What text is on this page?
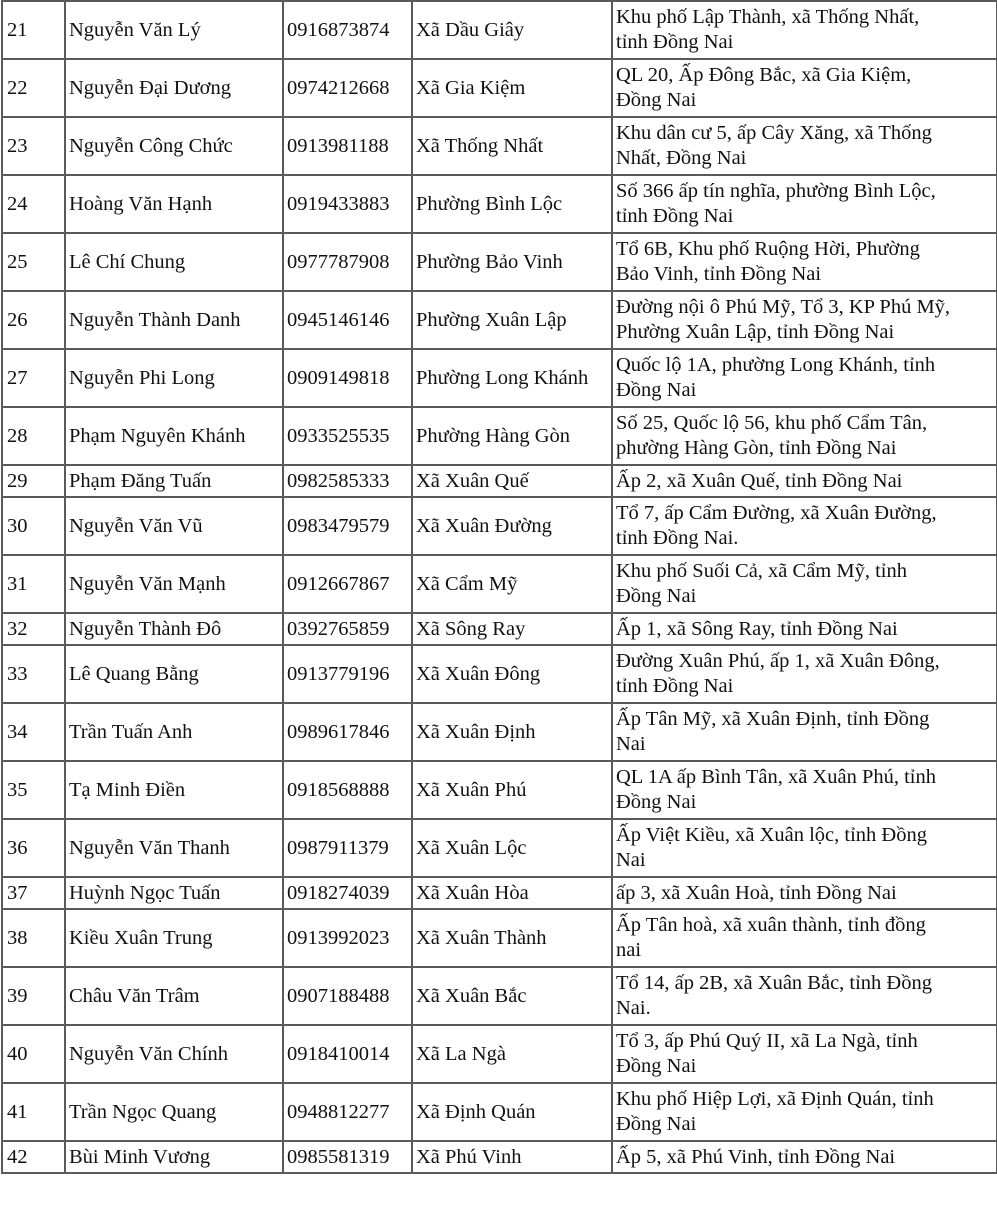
21	Nguyễn Văn Lý	0916873874	Xã Dầu Giây	Khu phố Lập Thành, xã Thống Nhất,
tỉnh Đồng Nai

22	Nguyễn Đại Dương	0974212668	Xã Gia Kiệm	QL 20, Ấp Đông Bắc, xã Gia Kiệm,
Đồng Nai

23	Nguyễn Công Chức	0913981188	Xã Thống Nhất	Khu dân cư 5, ấp Cây Xăng, xã Thống
Nhất, Đồng Nai

24	Hoàng Văn Hạnh	0919433883	Phường Bình Lộc	Số 366 ấp tín nghĩa, phường Bình Lộc,
tỉnh Đồng Nai

25	Lê Chí Chung	0977787908	Phường Bảo Vinh	Tổ 6B, Khu phố Ruộng Hời, Phường
Bảo Vinh, tỉnh Đồng Nai

26	Nguyễn Thành Danh	0945146146	Phường Xuân Lập	Đường nội ô Phú Mỹ, Tổ 3, KP Phú Mỹ,
Phường Xuân Lập, tỉnh Đồng Nai

27	Nguyễn Phi Long	0909149818	Phường Long Khánh	Quốc lộ 1A, phường Long Khánh, tỉnh
Đồng Nai

28	Phạm Nguyên Khánh	0933525535	Phường Hàng Gòn	Số 25, Quốc lộ 56, khu phố Cẩm Tân,
phường Hàng Gòn, tỉnh Đồng Nai

29	Phạm Đăng Tuấn	0982585333	Xã Xuân Quế	Ấp 2, xã Xuân Quế, tỉnh Đồng Nai

30	Nguyễn Văn Vũ	0983479579	Xã Xuân Đường	Tổ 7, ấp Cẩm Đường, xã Xuân Đường,
tỉnh Đồng Nai.

31	Nguyễn Văn Mạnh	0912667867	Xã Cẩm Mỹ	Khu phố Suối Cả, xã Cẩm Mỹ, tỉnh
Đồng Nai

32	Nguyễn Thành Đô	0392765859	Xã Sông Ray	Ấp 1, xã Sông Ray, tỉnh Đồng Nai

33	Lê Quang Bằng	0913779196	Xã Xuân Đông	Đường Xuân Phú, ấp 1, xã Xuân Đông,
tỉnh Đồng Nai

34	Trần Tuấn Anh	0989617846	Xã Xuân Định	Ấp Tân Mỹ, xã Xuân Định, tỉnh Đồng
Nai

35	Tạ Minh Điền	0918568888	Xã Xuân Phú	QL 1A ấp Bình Tân, xã Xuân Phú, tỉnh
Đồng Nai

36	Nguyễn Văn Thanh	0987911379	Xã Xuân Lộc	Ấp Việt Kiều, xã Xuân lộc, tỉnh Đồng
Nai

37	Huỳnh Ngọc Tuấn	0918274039	Xã Xuân Hòa	ấp 3, xã Xuân Hoà, tỉnh Đồng Nai

38	Kiều Xuân Trung	0913992023	Xã Xuân Thành	Ấp Tân hoà, xã xuân thành, tỉnh đồng
nai

39	Châu Văn Trâm	0907188488	Xã Xuân Bắc	Tổ 14, ấp 2B, xã Xuân Bắc, tỉnh Đồng
Nai.

40	Nguyễn Văn Chính	0918410014	Xã La Ngà	Tổ 3, ấp Phú Quý II, xã La Ngà, tỉnh
Đồng Nai

41	Trần Ngọc Quang	0948812277	Xã Định Quán	Khu phố Hiệp Lợi, xã Định Quán, tỉnh
Đồng Nai

42	Bùi Minh Vương	0985581319	Xã Phú Vinh	Ấp 5, xã Phú Vinh, tỉnh Đồng Nai
